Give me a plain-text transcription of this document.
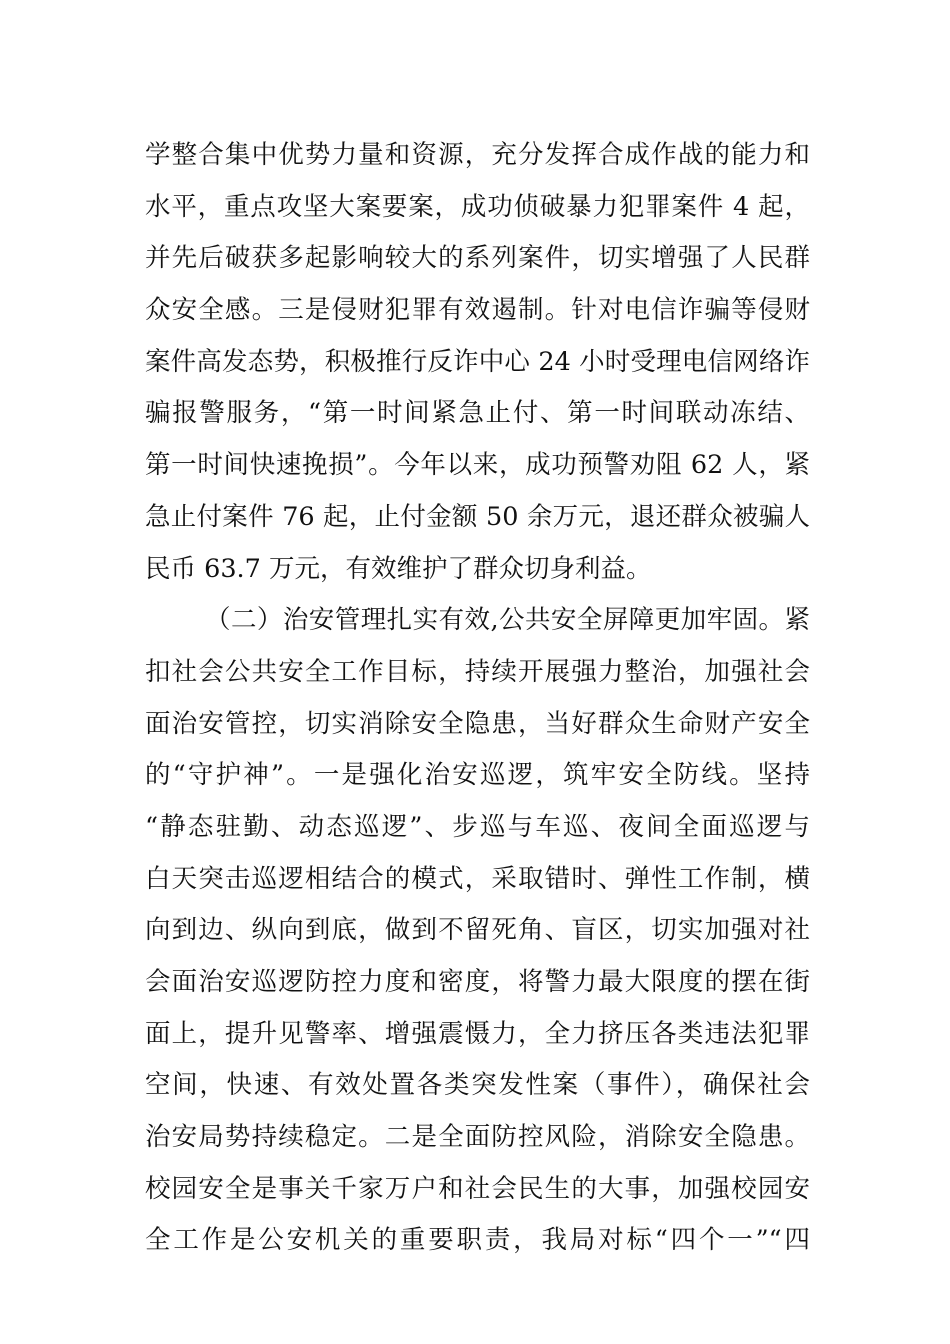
学整合集中优势力量和资源，充分发挥合成作战的能力和
水平，重点攻坚大案要案，成功侦破暴力犯罪案件 4 起，
并先后破获多起影响较大的系列案件，切实增强了人民群
众安全感。三是侵财犯罪有效遏制。针对电信诈骗等侵财
案件高发态势，积极推行反诈中心 24 小时受理电信网络诈
骗报警服务，“第一时间紧急止付、第一时间联动冻结、
第一时间快速挽损”。今年以来，成功预警劝阻 62 人，紧
急止付案件 76 起，止付金额 50 余万元，退还群众被骗人
民币 63.7 万元，有效维护了群众切身利益。
（二）治安管理扎实有效,公共安全屏障更加牢固。紧
扣社会公共安全工作目标，持续开展强力整治，加强社会
面治安管控，切实消除安全隐患，当好群众生命财产安全
的“守护神”。一是强化治安巡逻，筑牢安全防线。坚持
“静态驻勤、动态巡逻”、步巡与车巡、夜间全面巡逻与
白天突击巡逻相结合的模式，采取错时、弹性工作制，横
向到边、纵向到底，做到不留死角、盲区，切实加强对社
会面治安巡逻防控力度和密度，将警力最大限度的摆在街
面上，提升见警率、增强震慑力，全力挤压各类违法犯罪
空间，快速、有效处置各类突发性案（事件），确保社会
治安局势持续稳定。二是全面防控风险，消除安全隐患。
校园安全是事关千家万户和社会民生的大事，加强校园安
全工作是公安机关的重要职责，我局对标“四个一”“四
